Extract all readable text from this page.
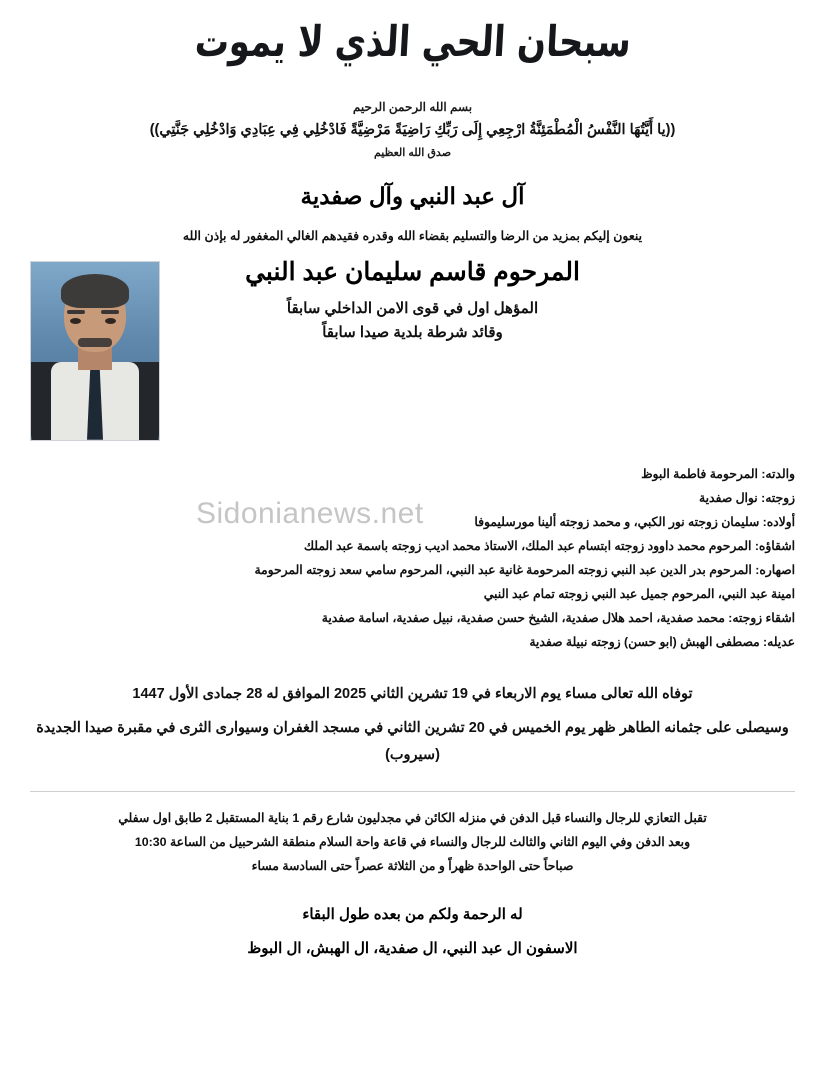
سبحان الحي الذي لا يموت
بسم الله الرحمن الرحيم
((يا أَيَّتُهَا النَّفْسُ الْمُطْمَئِنَّةُ ارْجِعِي إِلَى رَبِّكِ رَاضِيَةً مَرْضِيَّةً فَادْخُلِي فِي عِبَادِي وَادْخُلِي جَنَّتِي))
صدق الله العظيم
آل عبد النبي وآل صفدية
ينعون إليكم بمزيد من الرضا والتسليم بقضاء الله وقدره فقيدهم الغالي المغفور له بإذن الله
المرحوم قاسم سليمان عبد النبي
المؤهل اول في قوى الامن الداخلي سابقاً
وقائد شرطة بلدية صيدا سابقاً
والدته: المرحومة فاطمة البوظ
زوجته: نوال صفدية
أولاده: سليمان زوجته نور الكبي، و محمد زوجته ألينا مورسليموفا
اشقاؤه: المرحوم محمد داوود زوجته ابتسام عبد الملك، الاستاذ محمد اديب زوجته باسمة عبد الملك
اصهاره: المرحوم بدر الدين عبد النبي زوجته المرحومة غانية عبد النبي، المرحوم سامي سعد زوجته المرحومة
امينة عبد النبي، المرحوم جميل عبد النبي زوجته تمام عبد النبي
اشقاء زوجته: محمد صفدية، احمد هلال صفدية، الشيخ حسن صفدية، نبيل صفدية، اسامة صفدية
عديله: مصطفى الهبش (ابو حسن) زوجته نبيلة صفدية
Sidonianews.net
توفاه الله تعالى مساء يوم الاربعاء في 19 تشرين الثاني 2025 الموافق له 28 جمادى الأول 1447
وسيصلى على جثمانه الطاهر ظهر يوم الخميس في 20 تشرين الثاني في مسجد الغفران وسيوارى الثرى في مقبرة صيدا الجديدة (سيروب)
تقبل التعازي للرجال والنساء قبل الدفن في منزله الكائن في مجدليون شارع رقم 1 بناية المستقبل 2 طابق اول سفلي
وبعد الدفن وفي اليوم الثاني والثالث للرجال والنساء في قاعة واحة السلام منطقة الشرحبيل من الساعة 10:30
صباحاً حتى الواحدة ظهراً و من الثلاثة عصراً حتى السادسة مساء
له الرحمة ولكم من بعده طول البقاء
الاسفون ال عبد النبي، ال صفدية، ال الهبش، ال البوظ
